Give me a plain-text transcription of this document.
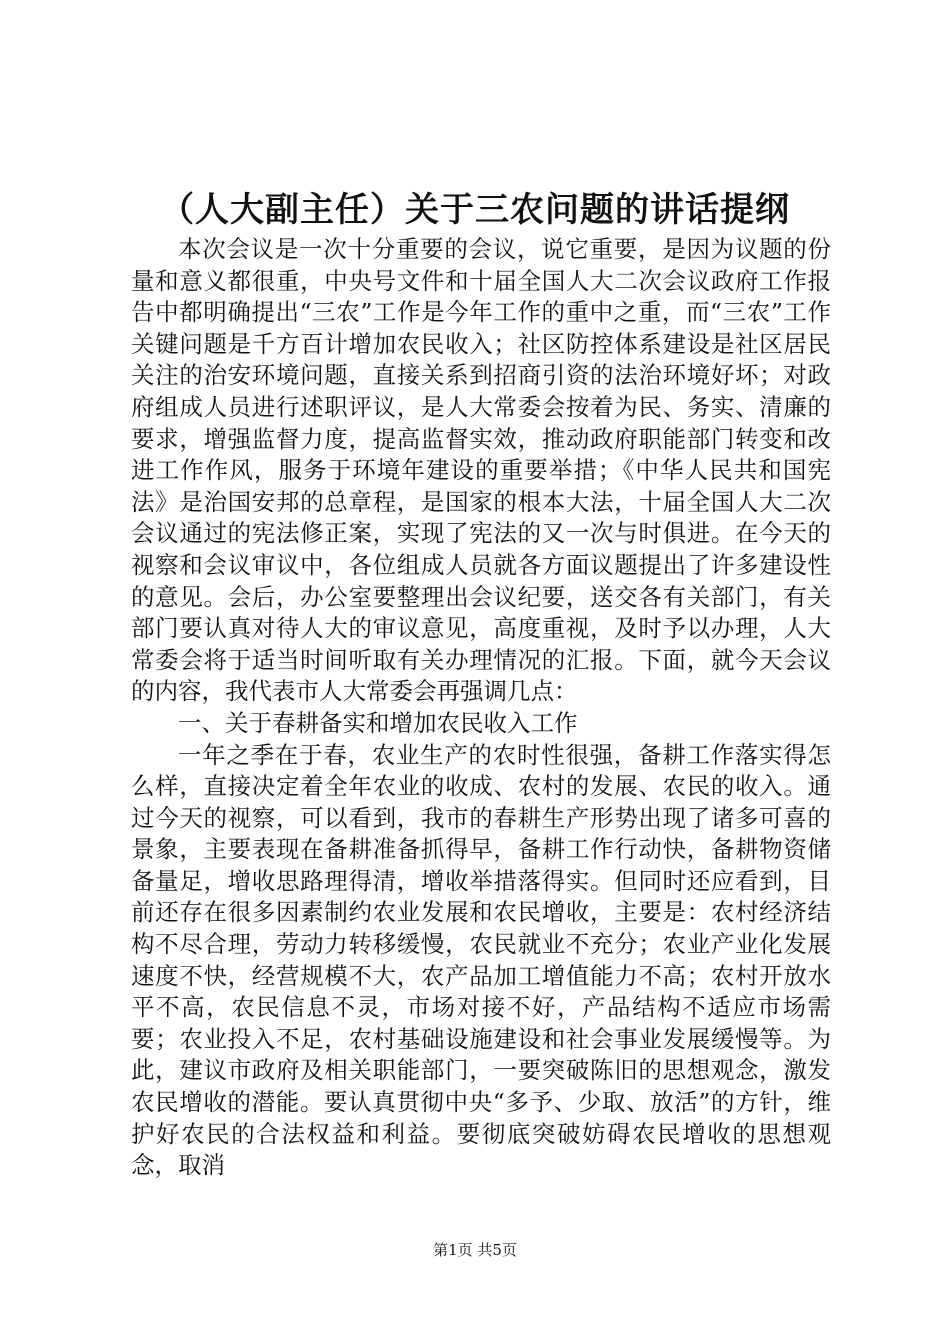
（人大副主任）关于三农问题的讲话提纲

本次会议是一次十分重要的会议，说它重要，是因为议题的份量和意义都很重，中央号文件和十届全国人大二次会议政府工作报告中都明确提出“三农”工作是今年工作的重中之重，而“三农”工作关键问题是千方百计增加农民收入；社区防控体系建设是社区居民关注的治安环境问题，直接关系到招商引资的法治环境好坏；对政府组成人员进行述职评议，是人大常委会按着为民、务实、清廉的要求，增强监督力度，提高监督实效，推动政府职能部门转变和改进工作作风，服务于环境年建设的重要举措；《中华人民共和国宪法》是治国安邦的总章程，是国家的根本大法，十届全国人大二次会议通过的宪法修正案，实现了宪法的又一次与时俱进。在今天的视察和会议审议中，各位组成人员就各方面议题提出了许多建设性的意见。会后，办公室要整理出会议纪要，送交各有关部门，有关部门要认真对待人大的审议意见，高度重视，及时予以办理，人大常委会将于适当时间听取有关办理情况的汇报。下面，就今天会议的内容，我代表市人大常委会再强调几点：

一、关于春耕备实和增加农民收入工作

一年之季在于春，农业生产的农时性很强，备耕工作落实得怎么样，直接决定着全年农业的收成、农村的发展、农民的收入。通过今天的视察，可以看到，我市的春耕生产形势出现了诸多可喜的景象，主要表现在备耕准备抓得早，备耕工作行动快，备耕物资储备量足，增收思路理得清，增收举措落得实。但同时还应看到，目前还存在很多因素制约农业发展和农民增收，主要是：农村经济结构不尽合理，劳动力转移缓慢，农民就业不充分；农业产业化发展速度不快，经营规模不大，农产品加工增值能力不高；农村开放水平不高，农民信息不灵，市场对接不好，产品结构不适应市场需要；农业投入不足，农村基础设施建设和社会事业发展缓慢等。为此，建议市政府及相关职能部门，一要突破陈旧的思想观念，激发农民增收的潜能。要认真贯彻中央“多予、少取、放活”的方针，维护好农民的合法权益和利益。要彻底突破妨碍农民增收的思想观念，取消

第1页 共5页
